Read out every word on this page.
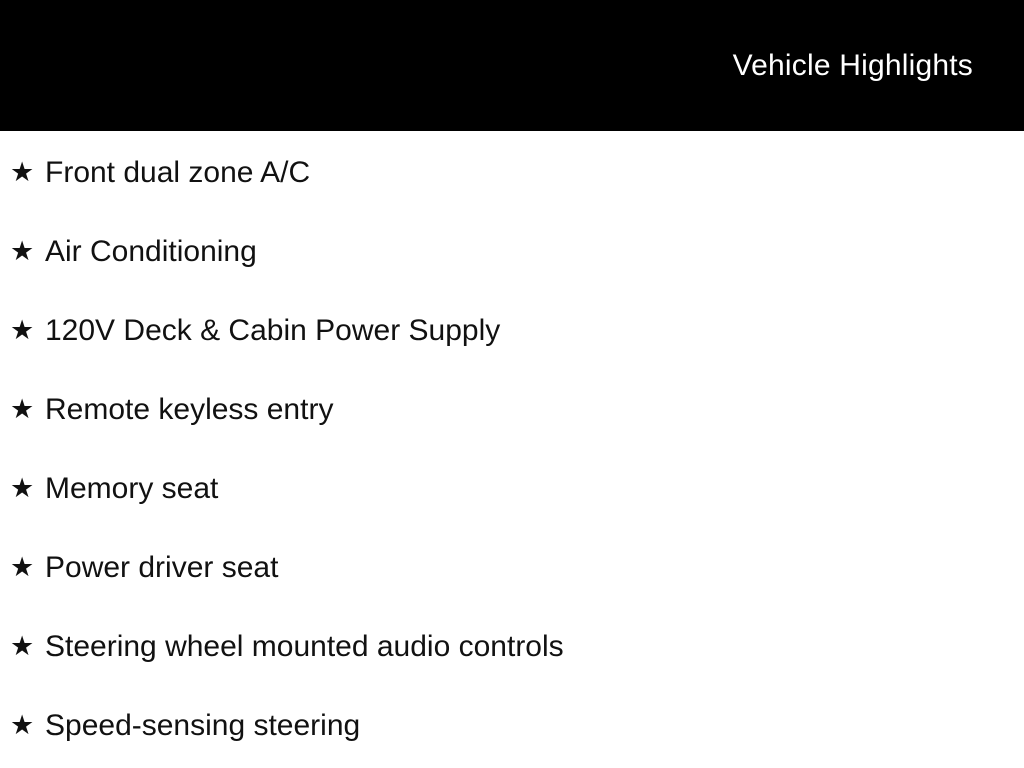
Vehicle Highlights
★ Front dual zone A/C
★ Air Conditioning
★ 120V Deck & Cabin Power Supply
★ Remote keyless entry
★ Memory seat
★ Power driver seat
★ Steering wheel mounted audio controls
★ Speed-sensing steering
